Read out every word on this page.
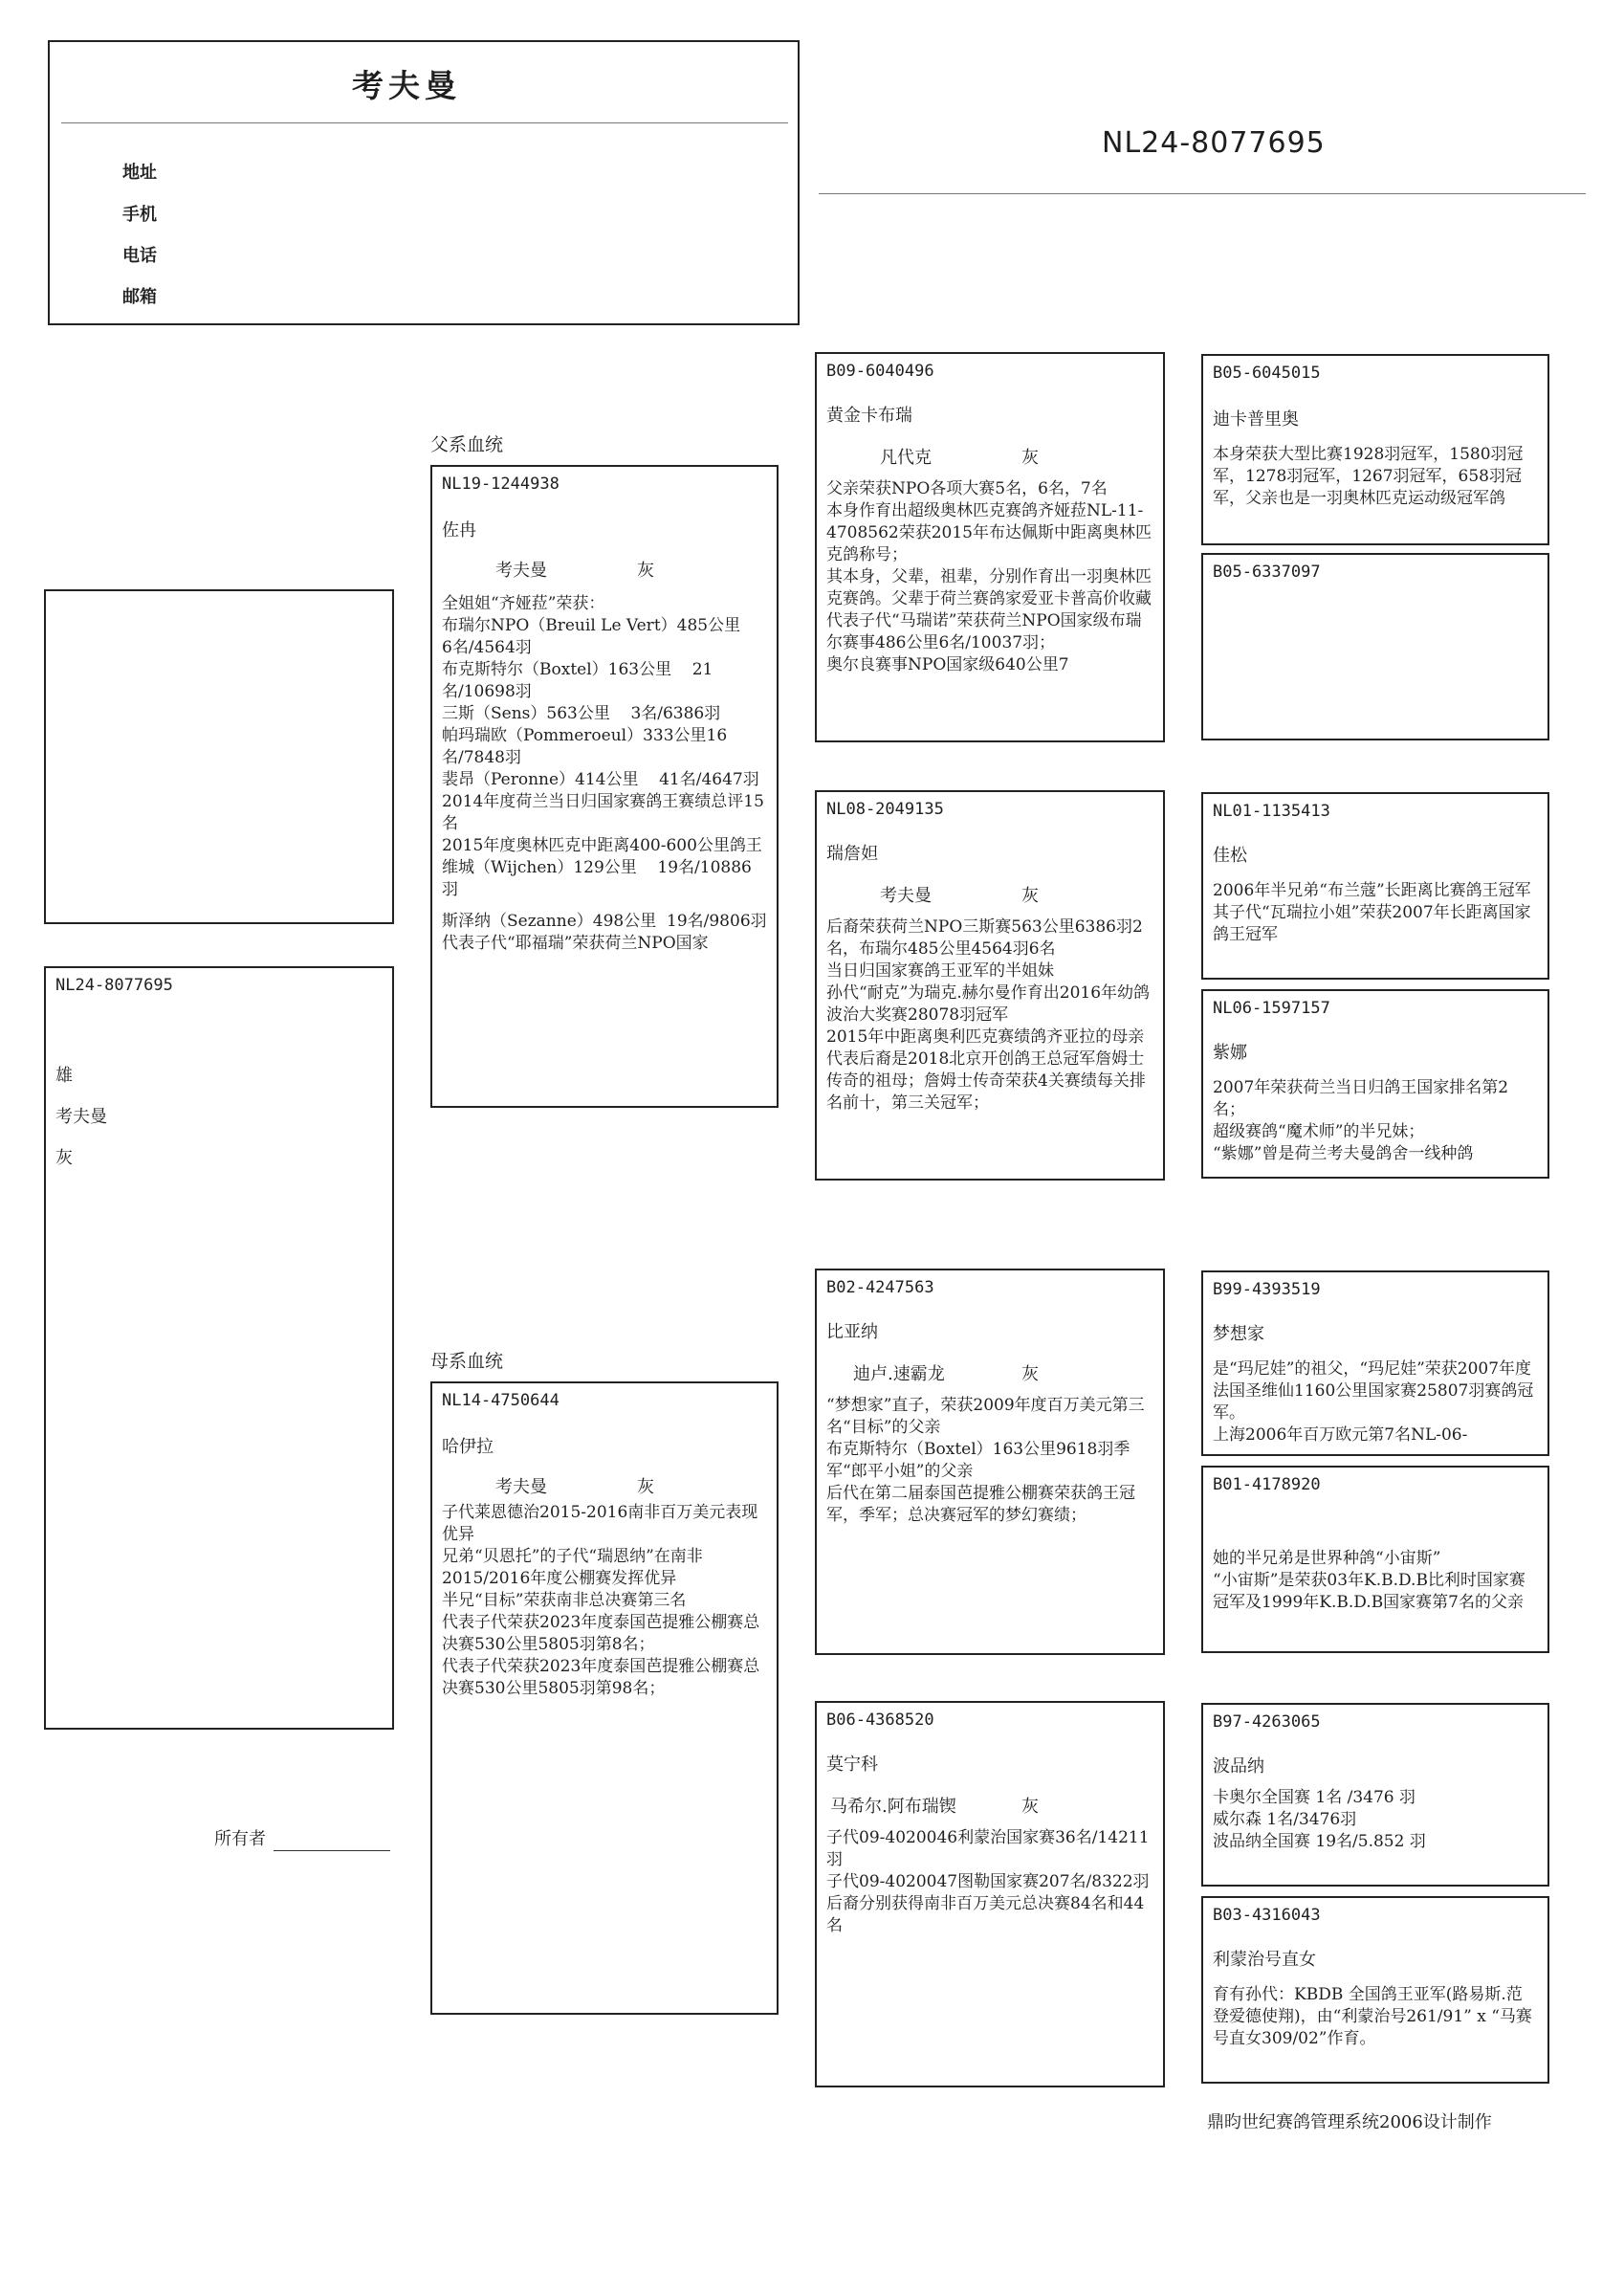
考夫曼
地址
手机
电话
邮箱
NL24-8077695
父系血统
母系血统
NL24-8077695
雄
考夫曼
灰
NL19-1244938
佐冉
考夫曼	灰
全姐姐“齐娅菈”荣获：
布瑞尔NPO（Breuil Le Vert）485公里    6名/4564羽
布克斯特尔（Boxtel）163公里    21名/10698羽
三斯（Sens）563公里    3名/6386羽
帕玛瑞欧（Pommeroeul）333公里16名/7848羽
裴昂（Peronne）414公里    41名/4647羽
2014年度荷兰当日归国家赛鸽王赛绩总评15名
2015年度奥林匹克中距离400-600公里鸽王
维城（Wijchen）129公里    19名/10886羽
斯泽纳（Sezanne）498公里  19名/9806羽
代表子代“耶福瑞”荣获荷兰NPO国家
NL14-4750644
哈伊拉
考夫曼	灰
子代莱恩德治2015-2016南非百万美元表现优异
兄弟“贝恩托”的子代“瑞恩纳”在南非2015/2016年度公棚赛发挥优异
半兄“目标”荣获南非总决赛第三名
代表子代荣获2023年度泰国芭提雅公棚赛总决赛530公里5805羽第8名；
代表子代荣获2023年度泰国芭提雅公棚赛总决赛530公里5805羽第98名；
B09-6040496
黄金卡布瑞
凡代克	灰
父亲荣获NPO各项大赛5名，6名，7名
本身作育出超级奥林匹克赛鸽齐娅菈NL-11-4708562荣获2015年布达佩斯中距离奥林匹克鸽称号；
其本身，父辈，祖辈，分别作育出一羽奥林匹克赛鸽。父辈于荷兰赛鸽家爱亚卡普高价收藏
代表子代“马瑞诺”荣获荷兰NPO国家级布瑞尔赛事486公里6名/10037羽；
奥尔良赛事NPO国家级640公里7
NL08-2049135
瑞詹妲
考夫曼	灰
后裔荣获荷兰NPO三斯赛563公里6386羽2名，布瑞尔485公里4564羽6名
当日归国家赛鸽王亚军的半姐妹
孙代“耐克”为瑞克.赫尔曼作育出2016年幼鸽波治大奖赛28078羽冠军
2015年中距离奥利匹克赛绩鸽齐亚拉的母亲
代表后裔是2018北京开创鸽王总冠军詹姆士传奇的祖母；詹姆士传奇荣获4关赛绩每关排名前十，第三关冠军；
B02-4247563
比亚纳
迪卢.速霸龙	灰
“梦想家”直子，荣获2009年度百万美元第三名“目标”的父亲
布克斯特尔（Boxtel）163公里9618羽季军“郎平小姐”的父亲
后代在第二届泰国芭提雅公棚赛荣获鸽王冠军，季军；总决赛冠军的梦幻赛绩；
B06-4368520
莫宁科
马希尔.阿布瑞锲	灰
子代09-4020046利蒙治国家赛36名/14211羽
子代09-4020047图勒国家赛207名/8322羽
后裔分别获得南非百万美元总决赛84名和44名
B05-6045015
迪卡普里奥
本身荣获大型比赛1928羽冠军，1580羽冠军，1278羽冠军，1267羽冠军，658羽冠军，父亲也是一羽奥林匹克运动级冠军鸽
B05-6337097
NL01-1135413
佳松
2006年半兄弟“布兰蔻”长距离比赛鸽王冠军
其子代“瓦瑞拉小姐”荣获2007年长距离国家鸽王冠军
NL06-1597157
紫娜
2007年荣获荷兰当日归鸽王国家排名第2名；
超级赛鸽“魔术师”的半兄妹；
“紫娜”曾是荷兰考夫曼鸽舍一线种鸽
B99-4393519
梦想家
是“玛尼娃”的祖父，“玛尼娃”荣获2007年度法国圣维仙1160公里国家赛25807羽赛鸽冠军。
上海2006年百万欧元第7名NL-06-
B01-4178920
她的半兄弟是世界种鸽“小宙斯”
“小宙斯”是荣获03年K.B.D.B比利时国家赛冠军及1999年K.B.D.B国家赛第7名的父亲
B97-4263065
波品纳
卡奥尔全国赛 1名 /3476 羽
威尔森 1名/3476羽
波品纳全国赛 19名/5.852 羽
B03-4316043
利蒙治号直女
育有孙代：KBDB 全国鸽王亚军(路易斯.范登爱德使翔)，由“利蒙治号261/91” x “马赛号直女309/02”作育。
所有者
鼎昀世纪赛鸽管理系统2006设计制作
